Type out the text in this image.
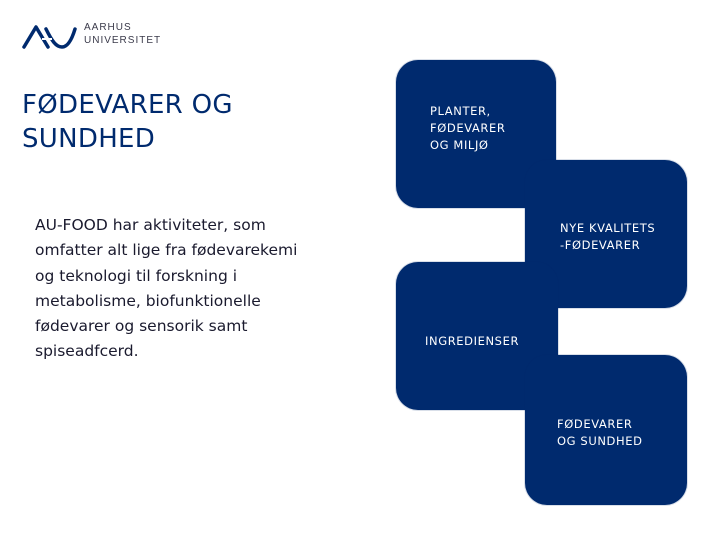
AARHUS
UNIVERSITET
FØDEVARER OG
SUNDHED
AU-FOOD har aktiviteter, som
omfatter alt lige fra fødevarekemi
og teknologi til forskning i
metabolisme, biofunktionelle
fødevarer og sensorik samt
spiseadfcerd.
PLANTER,
FØDEVARER
OG MILJØ
NYE KVALITETS
-FØDEVARER
INGREDIENSER
FØDEVARER
OG SUNDHED
